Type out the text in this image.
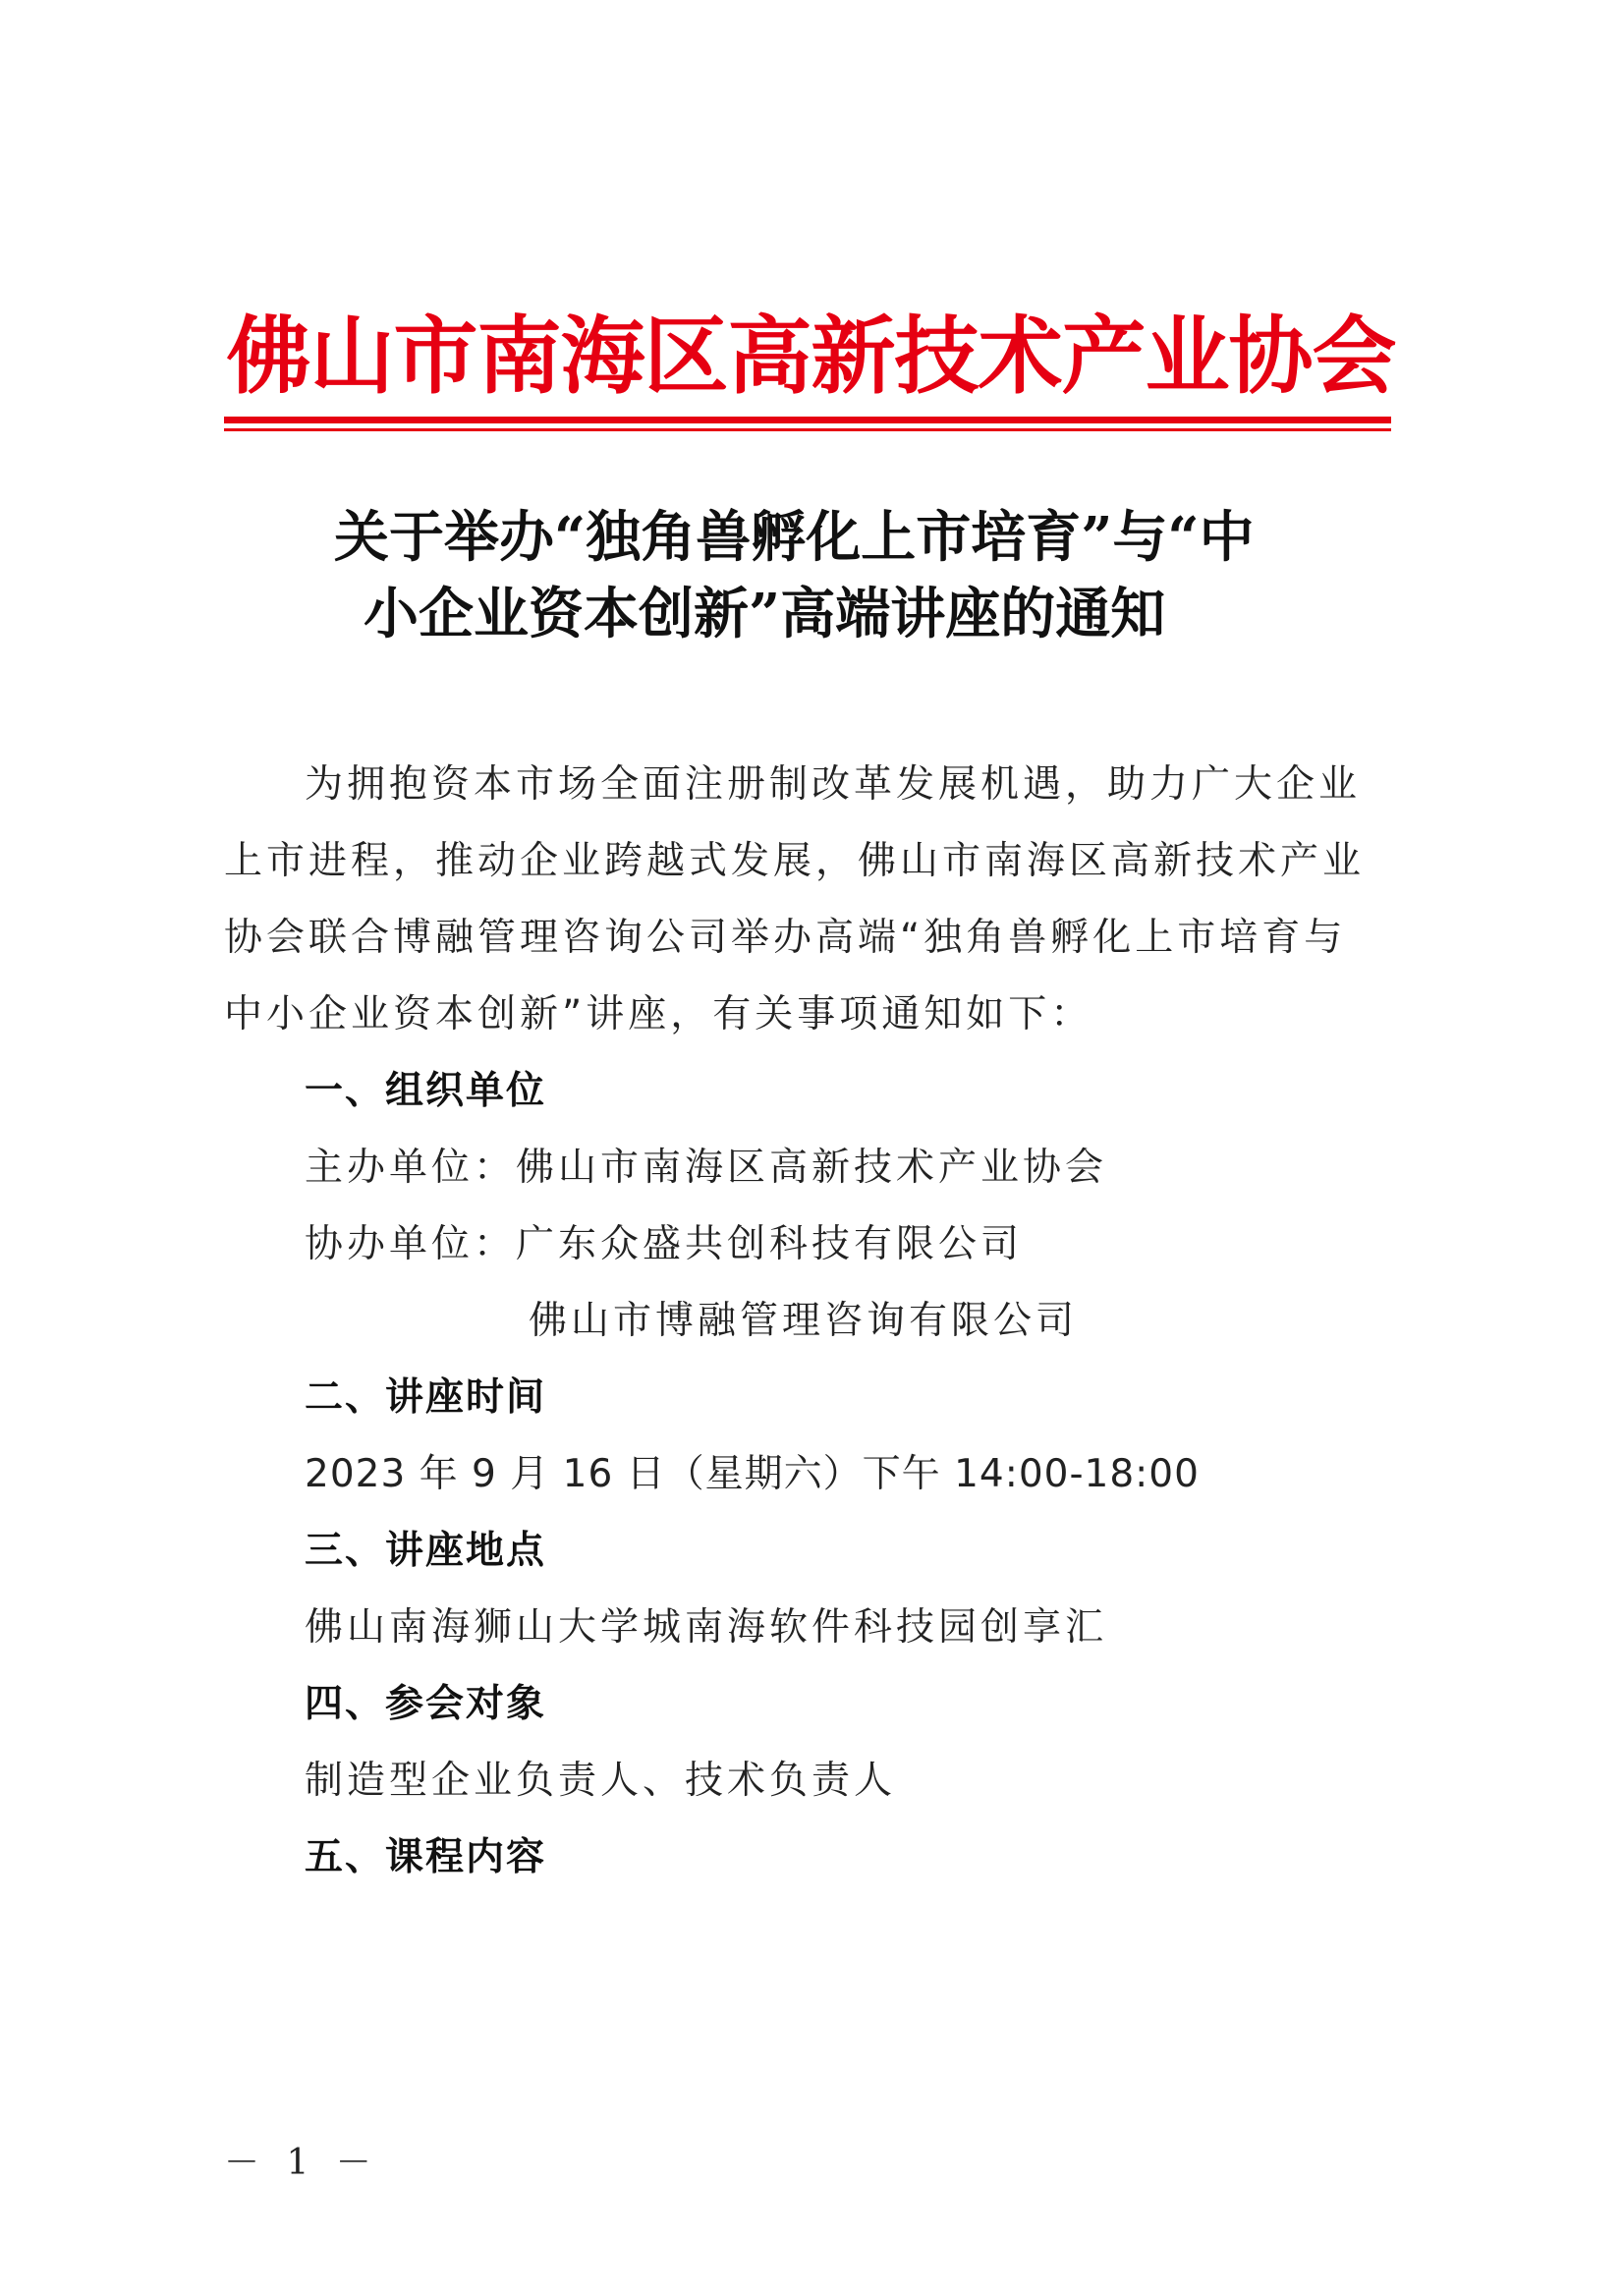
佛山市南海区高新技术产业协会
关于举办“独角兽孵化上市培育”与“中
小企业资本创新”高端讲座的通知
为拥抱资本市场全面注册制改革发展机遇，助力广大企业
上市进程，推动企业跨越式发展，佛山市南海区高新技术产业
协会联合博融管理咨询公司举办高端“独角兽孵化上市培育与
中小企业资本创新”讲座，有关事项通知如下：
一、组织单位
主办单位：佛山市南海区高新技术产业协会
协办单位：广东众盛共创科技有限公司
佛山市博融管理咨询有限公司
二、讲座时间
2023 年 9 月 16 日（星期六）下午 14:00-18:00
三、讲座地点
佛山南海狮山大学城南海软件科技园创享汇
四、参会对象
制造型企业负责人、技术负责人
五、课程内容
－ 1 －
